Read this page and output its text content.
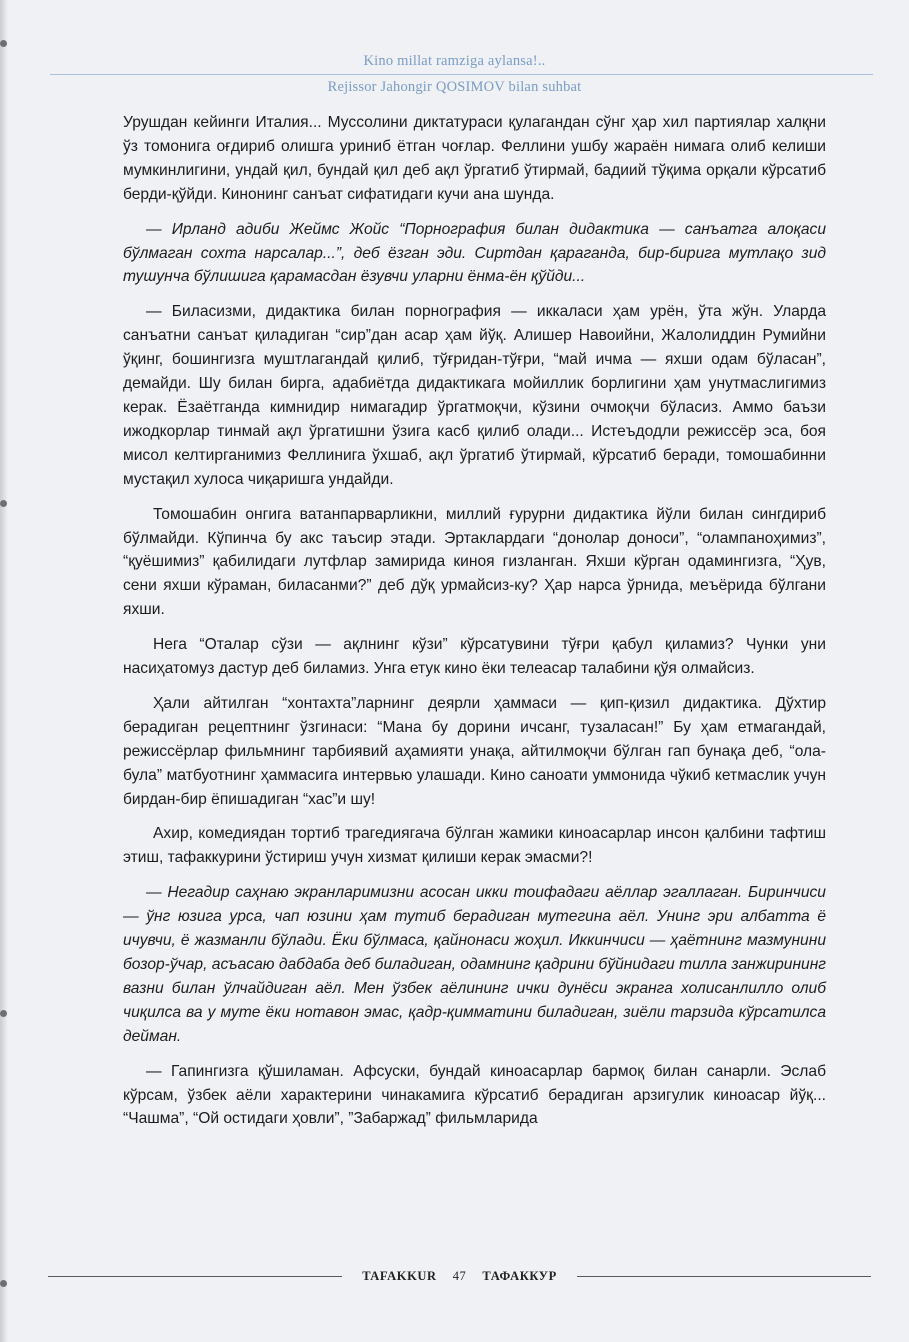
Kino millat ramziga aylansa!..
Rejissor Jahongir QOSIMOV bilan suhbat

Урушдан кейинги Италия... Муссолини диктатураси қулагандан сўнг ҳар хил партиялар халқни ўз томонига оғдириб олишга уриниб ётган чоғлар. Феллини ушбу жараён нимага олиб келиши мумкинлигини, ундай қил, бундай қил деб ақл ўргатиб ўтирмай, бадиий тўқима орқали кўрсатиб берди-қўйди. Кинонинг санъат сифатидаги кучи ана шунда.

— Ирланд адиби Жеймс Жойс “Порнография билан дидактика — санъатга алоқаси бўлмаган сохта нарсалар...”, деб ёзган эди. Сиртдан қараганда, бир-бирига мутлақо зид тушунча бўлишига қарамасдан ёзувчи уларни ёнма-ён қўйди...

— Биласизми, дидактика билан порнография — иккаласи ҳам урён, ўта жўн. Уларда санъатни санъат қиладиган “сир”дан асар ҳам йўқ. Алишер Навоийни, Жалолиддин Румийни ўқинг, бошингизга муштлагандай қилиб, тўғридан-тўғри, “май ичма — яхши одам бўласан”, демайди. Шу билан бирга, адабиётда дидактикага мойиллик борлигини ҳам унутмаслигимиз керак. Ёзаётганда кимнидир нимагадир ўргатмоқчи, кўзини очмоқчи бўласиз. Аммо баъзи ижодкорлар тинмай ақл ўргатишни ўзига касб қилиб олади... Истеъдодли режиссёр эса, боя мисол келтирганимиз Феллинига ўхшаб, ақл ўргатиб ўтирмай, кўрсатиб беради, томошабинни мустақил хулоса чиқаришга ундайди.

Томошабин онгига ватанпарварликни, миллий ғурурни дидактика йўли билан сингдириб бўлмайди. Кўпинча бу акс таъсир этади. Эртаклардаги “донолар доноси”, “олампаноҳимиз”, “қуёшимиз” қабилидаги лутфлар замирида киноя гизланган. Яхши кўрган одамингизга, “Ҳув, сени яхши кўраман, биласанми?” деб дўқ урмайсиз-ку? Ҳар нарса ўрнида, меъёрида бўлгани яхши.

Нега “Оталар сўзи — ақлнинг кўзи” кўрсатувини тўғри қабул қиламиз? Чунки уни насиҳатомуз дастур деб биламиз. Унга етук кино ёки телеасар талабини қўя олмайсиз.

Ҳали айтилган “хонтахта”ларнинг деярли ҳаммаси — қип-қизил дидактика. Дўхтир берадиган рецептнинг ўзгинаси: “Мана бу дорини ичсанг, тузаласан!” Бу ҳам етмагандай, режиссёрлар фильмнинг тарбиявий аҳамияти унақа, айтилмоқчи бўлган гап бунақа деб, “ола-була” матбуотнинг ҳаммасига интервью улашади. Кино саноати уммонида чўкиб кетмаслик учун бирдан-бир ёпишадиган “хас”и шу!

Ахир, комедиядан тортиб трагедиягача бўлган жамики киноасарлар инсон қалбини тафтиш этиш, тафаккурини ўстириш учун хизмат қилиши керак эмасми?!

— Негадир саҳнаю экранларимизни асосан икки тоифадаги аёллар эгаллаган. Биринчиси — ўнг юзига урса, чап юзини ҳам тутиб берадиган мутегина аёл. Унинг эри албатта ё ичувчи, ё жазманли бўлади. Ёки бўлмаса, қайнонаси жоҳил. Иккинчиси — ҳаётнинг мазмунини бозор-ўчар, асъасаю дабдаба деб биладиган, одамнинг қадрини бўйнидаги тилла занжирининг вазни билан ўлчайдиган аёл. Мен ўзбек аёлининг ички дунёси экранга холисанлилло олиб чиқилса ва у муте ёки нотавон эмас, қадр-қимматини биладиган, зиёли тарзида кўрсатилса дейман.

— Гапингизга қўшиламан. Афсуски, бундай киноасарлар бармоқ билан санарли. Эслаб кўрсам, ўзбек аёли характерини чинакамига кўрсатиб берадиган арзигулик киноасар йўқ... “Чашма”, “Ой остидаги ҳовли”, ”Забаржад” фильмларида

TAFAKKUR 47 ТАФАККУР
